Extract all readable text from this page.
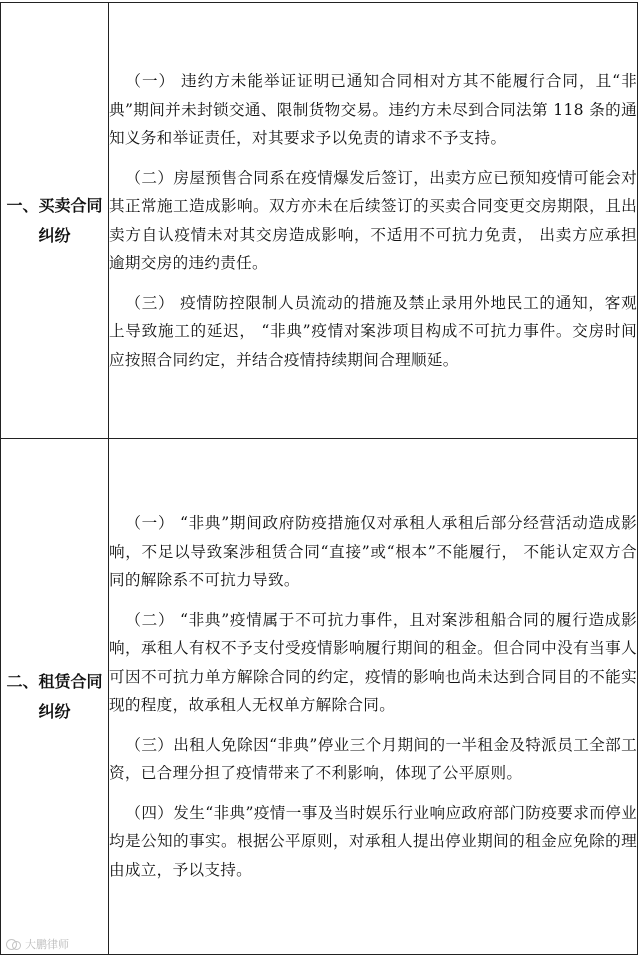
一、买卖合同纠纷	（一） 违约方未能举证证明已通知合同相对方其不能履行合同，且“非典”期间并未封锁交通、限制货物交易。违约方未尽到合同法第 118 条的通知义务和举证责任，对其要求予以免责的请求不予支持。

（二）房屋预售合同系在疫情爆发后签订，出卖方应已预知疫情可能会对其正常施工造成影响。双方亦未在后续签订的买卖合同变更交房期限，且出卖方自认疫情未对其交房造成影响，不适用不可抗力免责， 出卖方应承担逾期交房的违约责任。

（三） 疫情防控限制人员流动的措施及禁止录用外地民工的通知，客观上导致施工的延迟， “非典”疫情对案涉项目构成不可抗力事件。交房时间应按照合同约定，并结合疫情持续期间合理顺延。

二、租赁合同纠纷	（一） “非典”期间政府防疫措施仅对承租人承租后部分经营活动造成影响，不足以导致案涉租赁合同“直接”或“根本”不能履行， 不能认定双方合同的解除系不可抗力导致。

（二） “非典”疫情属于不可抗力事件，且对案涉租船合同的履行造成影响，承租人有权不予支付受疫情影响履行期间的租金。但合同中没有当事人可因不可抗力单方解除合同的约定，疫情的影响也尚未达到合同目的不能实现的程度，故承租人无权单方解除合同。

（三）出租人免除因“非典”停业三个月期间的一半租金及特派员工全部工资，已合理分担了疫情带来了不利影响，体现了公平原则。

（四）发生“非典”疫情一事及当时娱乐行业响应政府部门防疫要求而停业均是公知的事实。根据公平原则，对承租人提出停业期间的租金应免除的理由成立，予以支持。

大鹏律师
